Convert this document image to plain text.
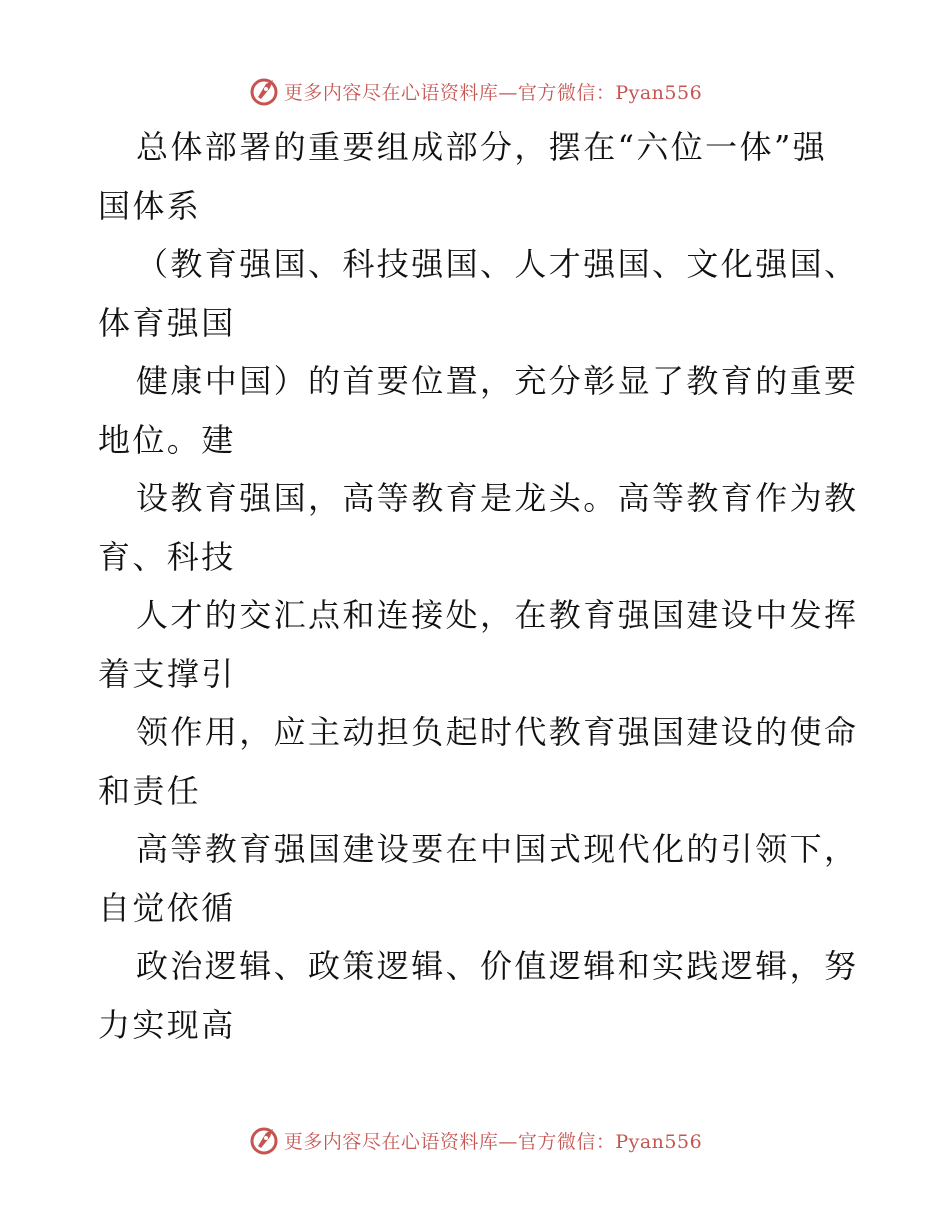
更多内容尽在心语资料库—官方微信：Pyan556
总体部署的重要组成部分，摆在“六位一体”强
国体系
（教育强国、科技强国、人才强国、文化强国、
体育强国
健康中国）的首要位置，充分彰显了教育的重要
地位。建
设教育强国，高等教育是龙头。高等教育作为教
育、科技
人才的交汇点和连接处，在教育强国建设中发挥
着支撑引
领作用，应主动担负起时代教育强国建设的使命
和责任
高等教育强国建设要在中国式现代化的引领下，
自觉依循
政治逻辑、政策逻辑、价值逻辑和实践逻辑，努
力实现高
更多内容尽在心语资料库—官方微信：Pyan556
